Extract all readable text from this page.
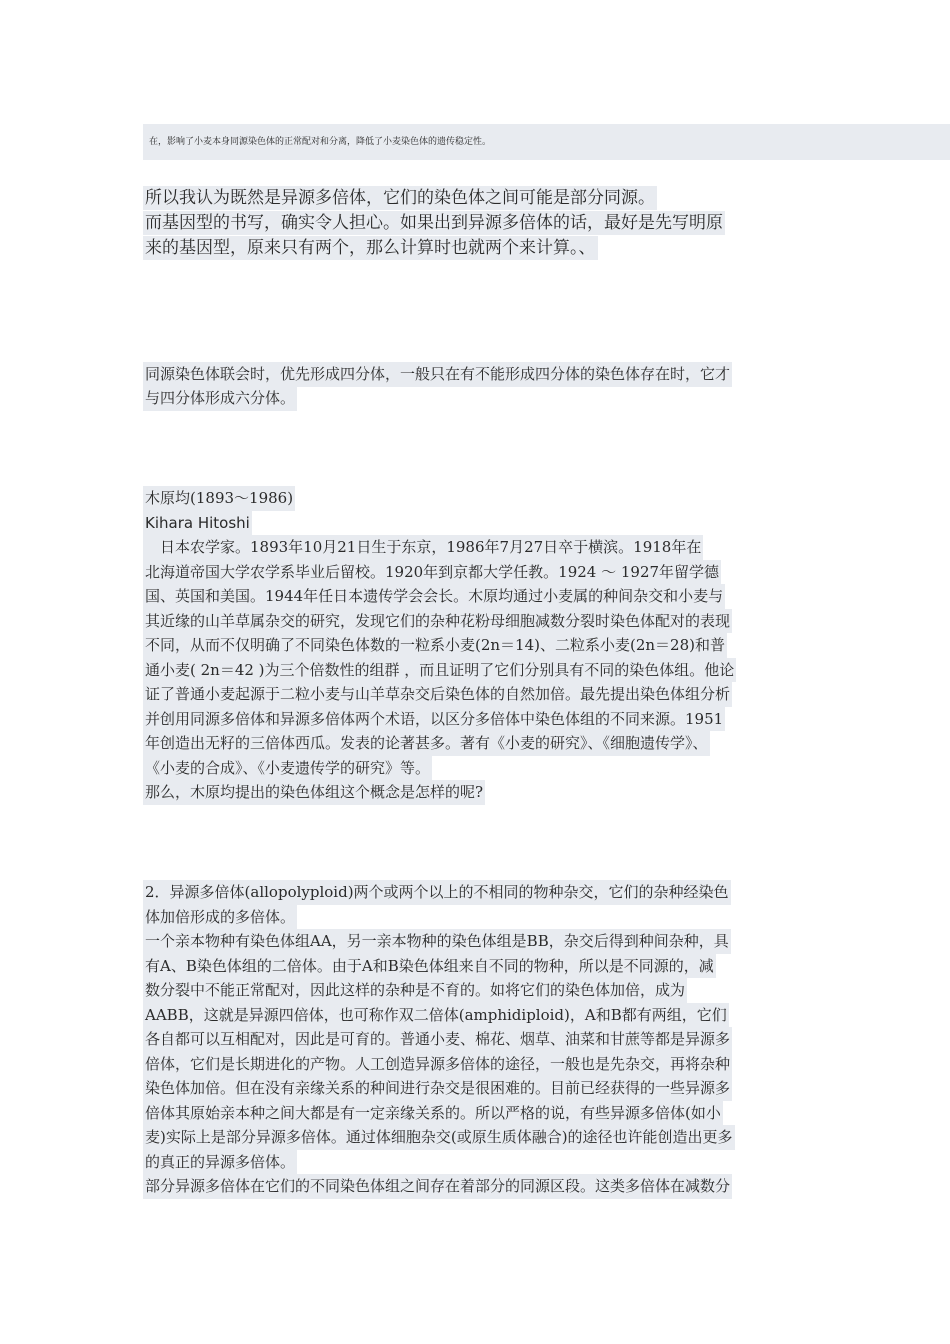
在，影响了小麦本身同源染色体的正常配对和分离，降低了小麦染色体的遗传稳定性。
所以我认为既然是异源多倍体，它们的染色体之间可能是部分同源。
而基因型的书写，确实令人担心。如果出到异源多倍体的话，最好是先写明原
来的基因型，原来只有两个，那么计算时也就两个来计算。、
同源染色体联会时，优先形成四分体，一般只在有不能形成四分体的染色体存在时，它才
与四分体形成六分体。
木原均(1893～1986)
Kihara Hitoshi
　日本农学家。1893年10月21日生于东京，1986年7月27日卒于横滨。1918年在
北海道帝国大学农学系毕业后留校。1920年到京都大学任教。1924 ～ 1927年留学德
国、英国和美国。1944年任日本遗传学会会长。木原均通过小麦属的种间杂交和小麦与
其近缘的山羊草属杂交的研究，发现它们的杂种花粉母细胞减数分裂时染色体配对的表现
不同，从而不仅明确了不同染色体数的一粒系小麦(2n＝14)、二粒系小麦(2n＝28)和普
通小麦( 2n＝42 )为三个倍数性的组群 ，而且证明了它们分别具有不同的染色体组。他论
证了普通小麦起源于二粒小麦与山羊草杂交后染色体的自然加倍。最先提出染色体组分析
并创用同源多倍体和异源多倍体两个术语，以区分多倍体中染色体组的不同来源。1951
年创造出无籽的三倍体西瓜。发表的论著甚多。著有《小麦的研究》、《细胞遗传学》、
《小麦的合成》、《小麦遗传学的研究》等。
那么，木原均提出的染色体组这个概念是怎样的呢?
2．异源多倍体(allopolyploid)两个或两个以上的不相同的物种杂交，它们的杂种经染色
体加倍形成的多倍体。
一个亲本物种有染色体组AA，另一亲本物种的染色体组是BB，杂交后得到种间杂种，具
有A、B染色体组的二倍体。由于A和B染色体组来自不同的物种，所以是不同源的，减
数分裂中不能正常配对，因此这样的杂种是不育的。如将它们的染色体加倍，成为
AABB，这就是异源四倍体，也可称作双二倍体(amphidiploid)，A和B都有两组，它们
各自都可以互相配对，因此是可育的。普通小麦、棉花、烟草、油菜和甘蔗等都是异源多
倍体，它们是长期进化的产物。人工创造异源多倍体的途径，一般也是先杂交，再将杂种
染色体加倍。但在没有亲缘关系的种间进行杂交是很困难的。目前已经获得的一些异源多
倍体其原始亲本种之间大都是有一定亲缘关系的。所以严格的说，有些异源多倍体(如小
麦)实际上是部分异源多倍体。通过体细胞杂交(或原生质体融合)的途径也许能创造出更多
的真正的异源多倍体。
部分异源多倍体在它们的不同染色体组之间存在着部分的同源区段。这类多倍体在减数分
